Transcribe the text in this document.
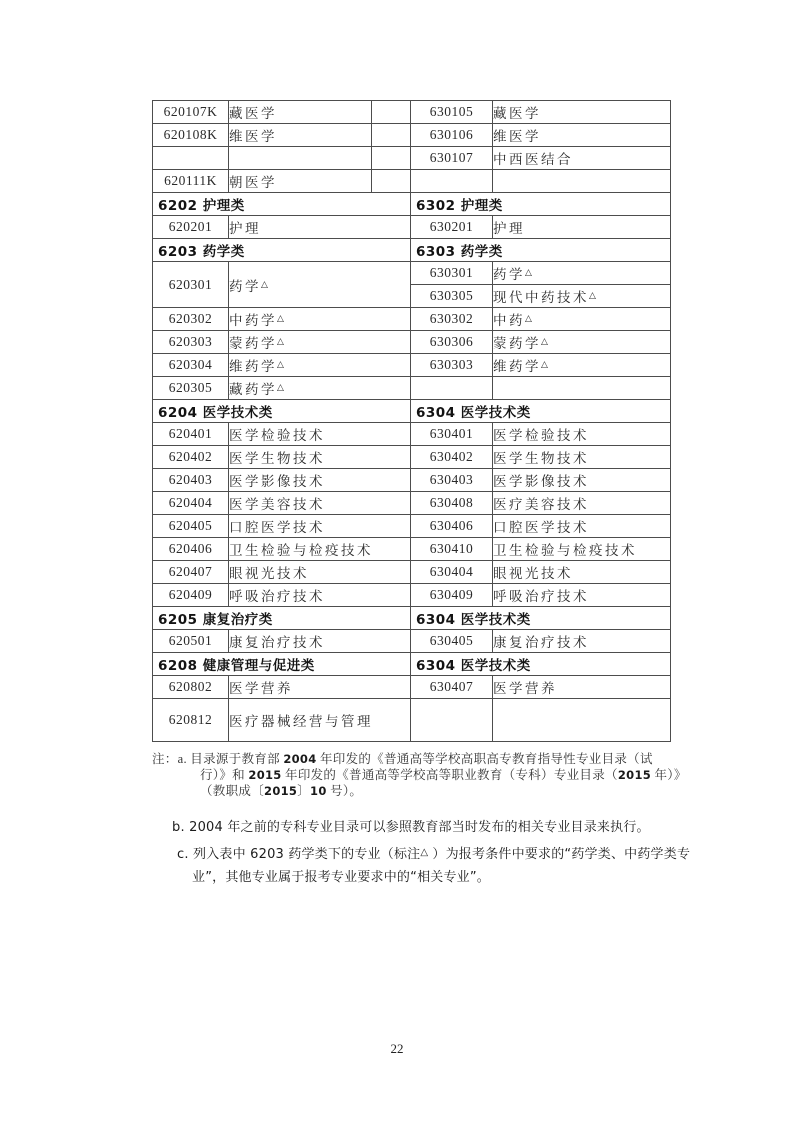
620107K	藏医学		630105	藏医学
620108K	维医学		630106	维医学
			630107	中西医结合
620111K	朝医学			
6202 护理类			6302 护理类	
620201	护理		630201	护理
6203 药学类			6303 药学类	
620301	药学△		630301	药学△
			630305	现代中药技术△
620302	中药学△		630302	中药△
620303	蒙药学△		630306	蒙药学△
620304	维药学△		630303	维药学△
620305	藏药学△		
6204 医学技术类			6304 医学技术类	
620401	医学检验技术		630401	医学检验技术
620402	医学生物技术		630402	医学生物技术
620403	医学影像技术		630403	医学影像技术
620404	医学美容技术		630408	医疗美容技术
620405	口腔医学技术		630406	口腔医学技术
620406	卫生检验与检疫技术		630410	卫生检验与检疫技术
620407	眼视光技术		630404	眼视光技术
620409	呼吸治疗技术		630409	呼吸治疗技术
6205 康复治疗类			6304 医学技术类	
620501	康复治疗技术		630405	康复治疗技术
6208 健康管理与促进类			6304 医学技术类	
620802	医学营养		630407	医学营养
620812	医疗器械经营与管理			
注：a. 目录源于教育部 2004 年印发的《普通高等学校高职高专教育指导性专业目录（试
行）》和 2015 年印发的《普通高等学校高等职业教育（专科）专业目录（2015 年）》
（教职成〔2015〕10 号）。
b. 2004 年之前的专科专业目录可以参照教育部当时发布的相关专业目录来执行。
c. 列入表中 6203 药学类下的专业（标注△ ）为报考条件中要求的“药学类、中药学类专
业”，其他专业属于报考专业要求中的“相关专业”。
22
